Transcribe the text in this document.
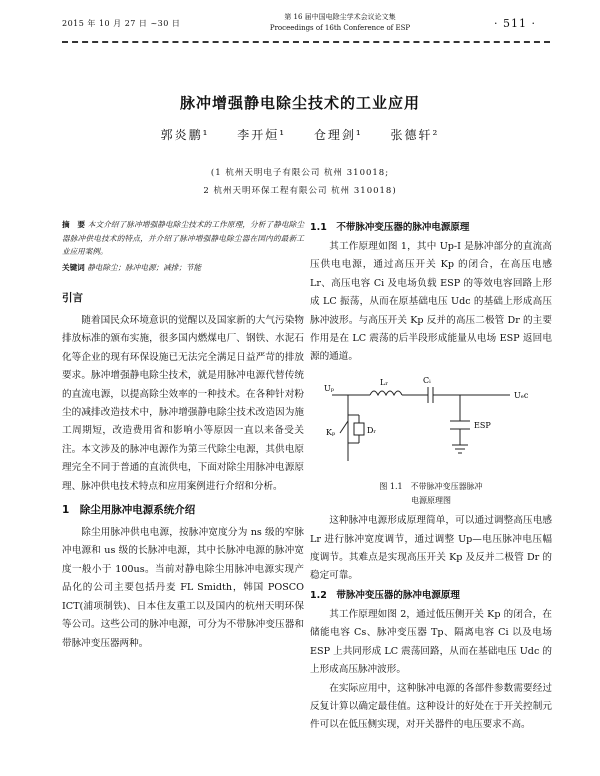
2015 年 10 月 27 日 ~30 日
第 16 届中国电除尘学术会议论文集
Proceedings of 16th Conference of ESP	· 511 ·
脉冲增强静电除尘技术的工业应用
郭炎鹏¹ 李开烜¹ 仓理剑¹ 张德轩²
(1 杭州天明电子有限公司 杭州 310018;
2 杭州天明环保工程有限公司 杭州 310018)
摘　要 本文介绍了脉冲增强静电除尘技术的工作原理，分析了静电除尘器脉冲供电技术的特点，并介绍了脉冲增强静电除尘器在国内的最新工业应用案例。
关键词 静电除尘；脉冲电源；减排；节能
引言

随着国民众环境意识的觉醒以及国家新的大气污染物排放标准的颁布实施，很多国内燃煤电厂、钢铁、水泥石化等企业的现有环保设施已无法完全满足日益严苛的排放要求。脉冲增强静电除尘技术，就是用脉冲电源代替传统的直流电源，以提高除尘效率的一种技术。在各种针对粉尘的减排改造技术中，脉冲增强静电除尘技术改造因为施工周期短，改造费用省和影响小等原因一直以来备受关注。本文涉及的脉冲电源作为第三代除尘电源，其供电原理完全不同于普通的直流供电，下面对除尘用脉冲电源原理、脉冲供电技术特点和应用案例进行介绍和分析。

1　除尘用脉冲电源系统介绍

除尘用脉冲供电电源，按脉冲宽度分为 ns 级的窄脉冲电源和 us 级的长脉冲电源，其中长脉冲电源的脉冲宽度一般小于 100us。当前对静电除尘用脉冲电源实现产品化的公司主要包括丹麦 FL Smidth，韩国 POSCO ICT(浦项制铁)、日本住友重工以及国内的杭州天明环保等公司。这些公司的脉冲电源，可分为不带脉冲变压器和带脉冲变压器两种。

1.1　不带脉冲变压器的脉冲电源原理

其工作原理如图 1，其中 Up-I 是脉冲部分的直流高压供电电源，通过高压开关 Kp 的闭合，在高压电感 Lr、高压电容 Ci 及电场负载 ESP 的等效电容回路上形成 LC 振荡，从而在原基础电压 Udc 的基础上形成高压脉冲波形。与高压开关 Kp 反并的高压二极管 Dr 的主要作用是在 LC 震荡的后半段形成能量从电场 ESP 返回电源的通道。

Uₚ
Lᵣ	Cᵢ
Uₑc
Kₚ	Dᵣ
ESP
图 1.1　不带脉冲变压器脉冲
电源原理图

这种脉冲电源形成原理简单，可以通过调整高压电感 Lr 进行脉冲宽度调节，通过调整 Up—电压脉冲电压幅度调节。其难点是实现高压开关 Kp 及反并二极管 Dr 的稳定可靠。

1.2　带脉冲变压器的脉冲电源原理

其工作原理如图 2，通过低压侧开关 Kp 的闭合，在储能电容 Cs、脉冲变压器 Tp、隔离电容 Ci 以及电场 ESP 上共同形成 LC 震荡回路，从而在基础电压 Udc 的上形成高压脉冲波形。

在实际应用中，这种脉冲电源的各部件参数需要经过反复计算以确定最佳值。这种设计的好处在于开关控制元件可以在低压侧实现，对开关器件的电压要求不高。
